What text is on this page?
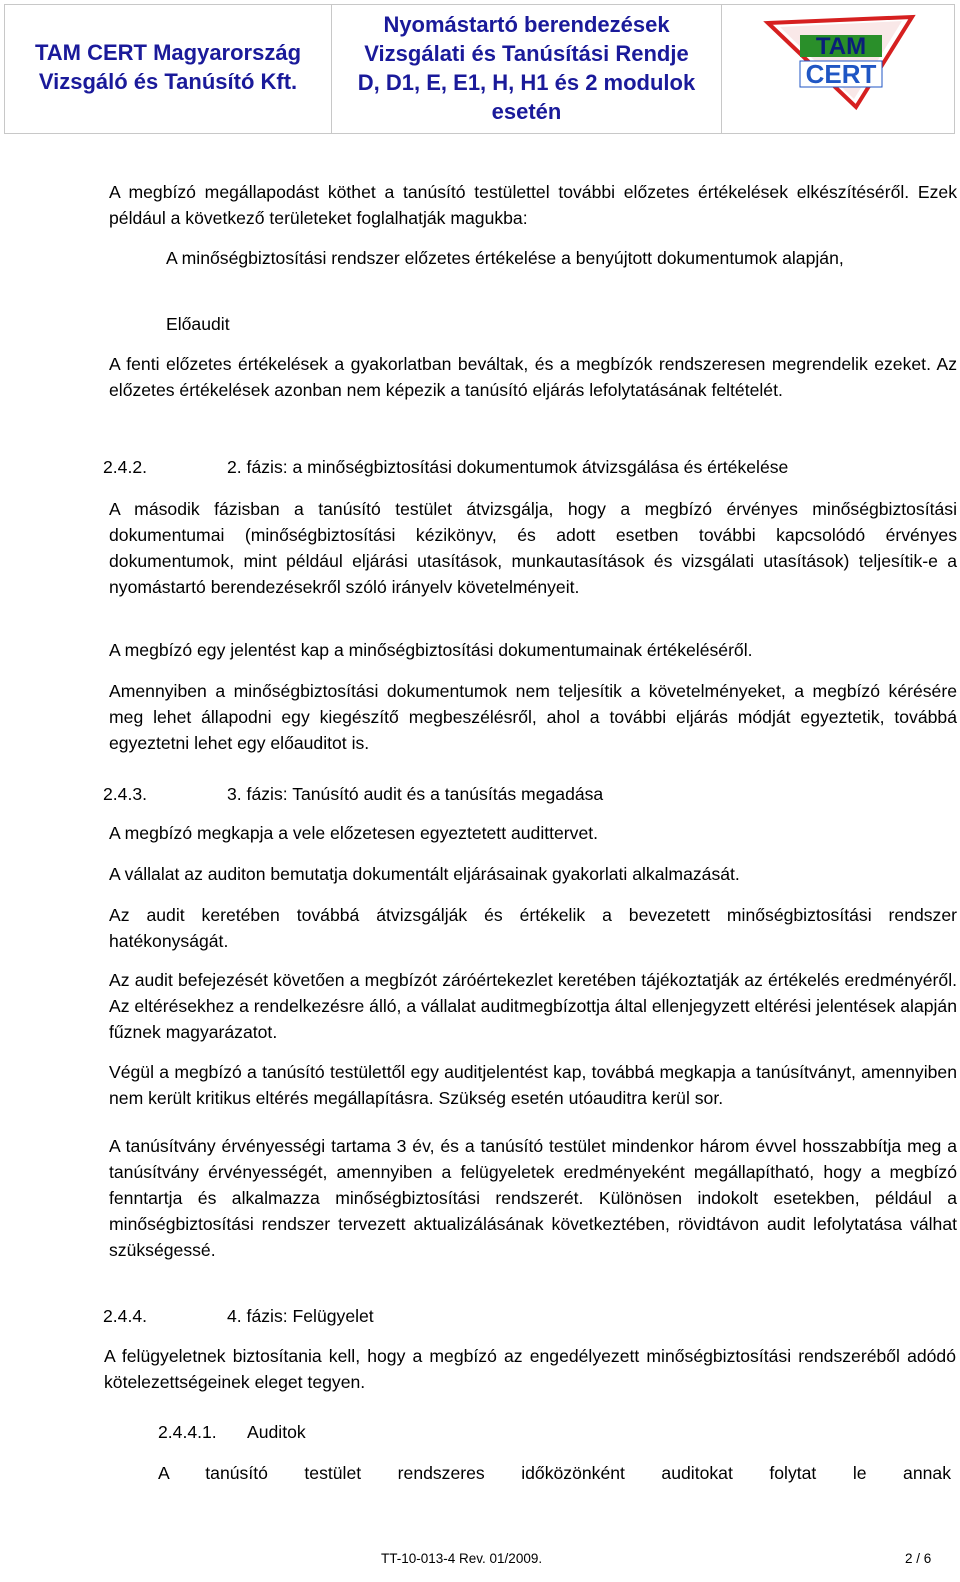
TAM CERT Magyarország
Vizsgáló és Tanúsító Kft.
Nyomástartó berendezések
Vizsgálati és Tanúsítási Rendje
D, D1, E, E1, H, H1 és 2 modulok
esetén
TAM
CERT
A megbízó megállapodást köthet a tanúsító testülettel további előzetes értékelések elkészítéséről. Ezek például a következő területeket foglalhatják magukba:
A minőségbiztosítási rendszer előzetes értékelése a benyújtott dokumentumok alapján,
Előaudit
A fenti előzetes értékelések a gyakorlatban beváltak, és a megbízók rendszeresen megrendelik ezeket. Az előzetes értékelések azonban nem képezik a tanúsító eljárás lefolytatásának feltételét.
2.4.2.	2. fázis: a minőségbiztosítási dokumentumok átvizsgálása és értékelése
A második fázisban a tanúsító testület átvizsgálja, hogy a megbízó érvényes minőségbiztosítási dokumentumai (minőségbiztosítási kézikönyv, és adott esetben további kapcsolódó érvényes dokumentumok, mint például eljárási utasítások, munkautasítások és vizsgálati utasítások) teljesítik-e a nyomástartó berendezésekről szóló irányelv követelményeit.
A megbízó egy jelentést kap a minőségbiztosítási dokumentumainak értékeléséről.
Amennyiben a minőségbiztosítási dokumentumok nem teljesítik a követelményeket, a megbízó kérésére meg lehet állapodni egy kiegészítő megbeszélésről, ahol a további eljárás módját egyeztetik, továbbá egyeztetni lehet egy előauditot is.
2.4.3.	3. fázis: Tanúsító audit és a tanúsítás megadása
A megbízó megkapja a vele előzetesen egyeztetett audittervet.
A vállalat az auditon bemutatja dokumentált eljárásainak gyakorlati alkalmazását.
Az audit keretében továbbá átvizsgálják és értékelik a bevezetett minőségbiztosítási rendszer hatékonyságát.
Az audit befejezését követően a megbízót záróértekezlet keretében tájékoztatják az értékelés eredményéről. Az eltérésekhez a rendelkezésre álló, a vállalat auditmegbízottja által ellenjegyzett eltérési jelentések alapján fűznek magyarázatot.
Végül a megbízó a tanúsító testülettől egy auditjelentést kap, továbbá megkapja a tanúsítványt, amennyiben nem került kritikus eltérés megállapításra. Szükség esetén utóauditra kerül sor.
A tanúsítvány érvényességi tartama 3 év, és a tanúsító testület mindenkor három évvel hosszabbítja meg a tanúsítvány érvényességét, amennyiben a felügyeletek eredményeként megállapítható, hogy a megbízó fenntartja és alkalmazza minőségbiztosítási rendszerét. Különösen indokolt esetekben, például a minőségbiztosítási rendszer tervezett aktualizálásának következtében, rövidtávon audit lefolytatása válhat szükségessé.
2.4.4.	4. fázis: Felügyelet
A felügyeletnek biztosítania kell, hogy a megbízó az engedélyezett minőségbiztosítási rendszeréből adódó kötelezettségeinek eleget tegyen.
2.4.4.1. Auditok
A tanúsító testület rendszeres időközönként auditokat folytat le annak
TT-10-013-4 Rev. 01/2009.	2 / 6
